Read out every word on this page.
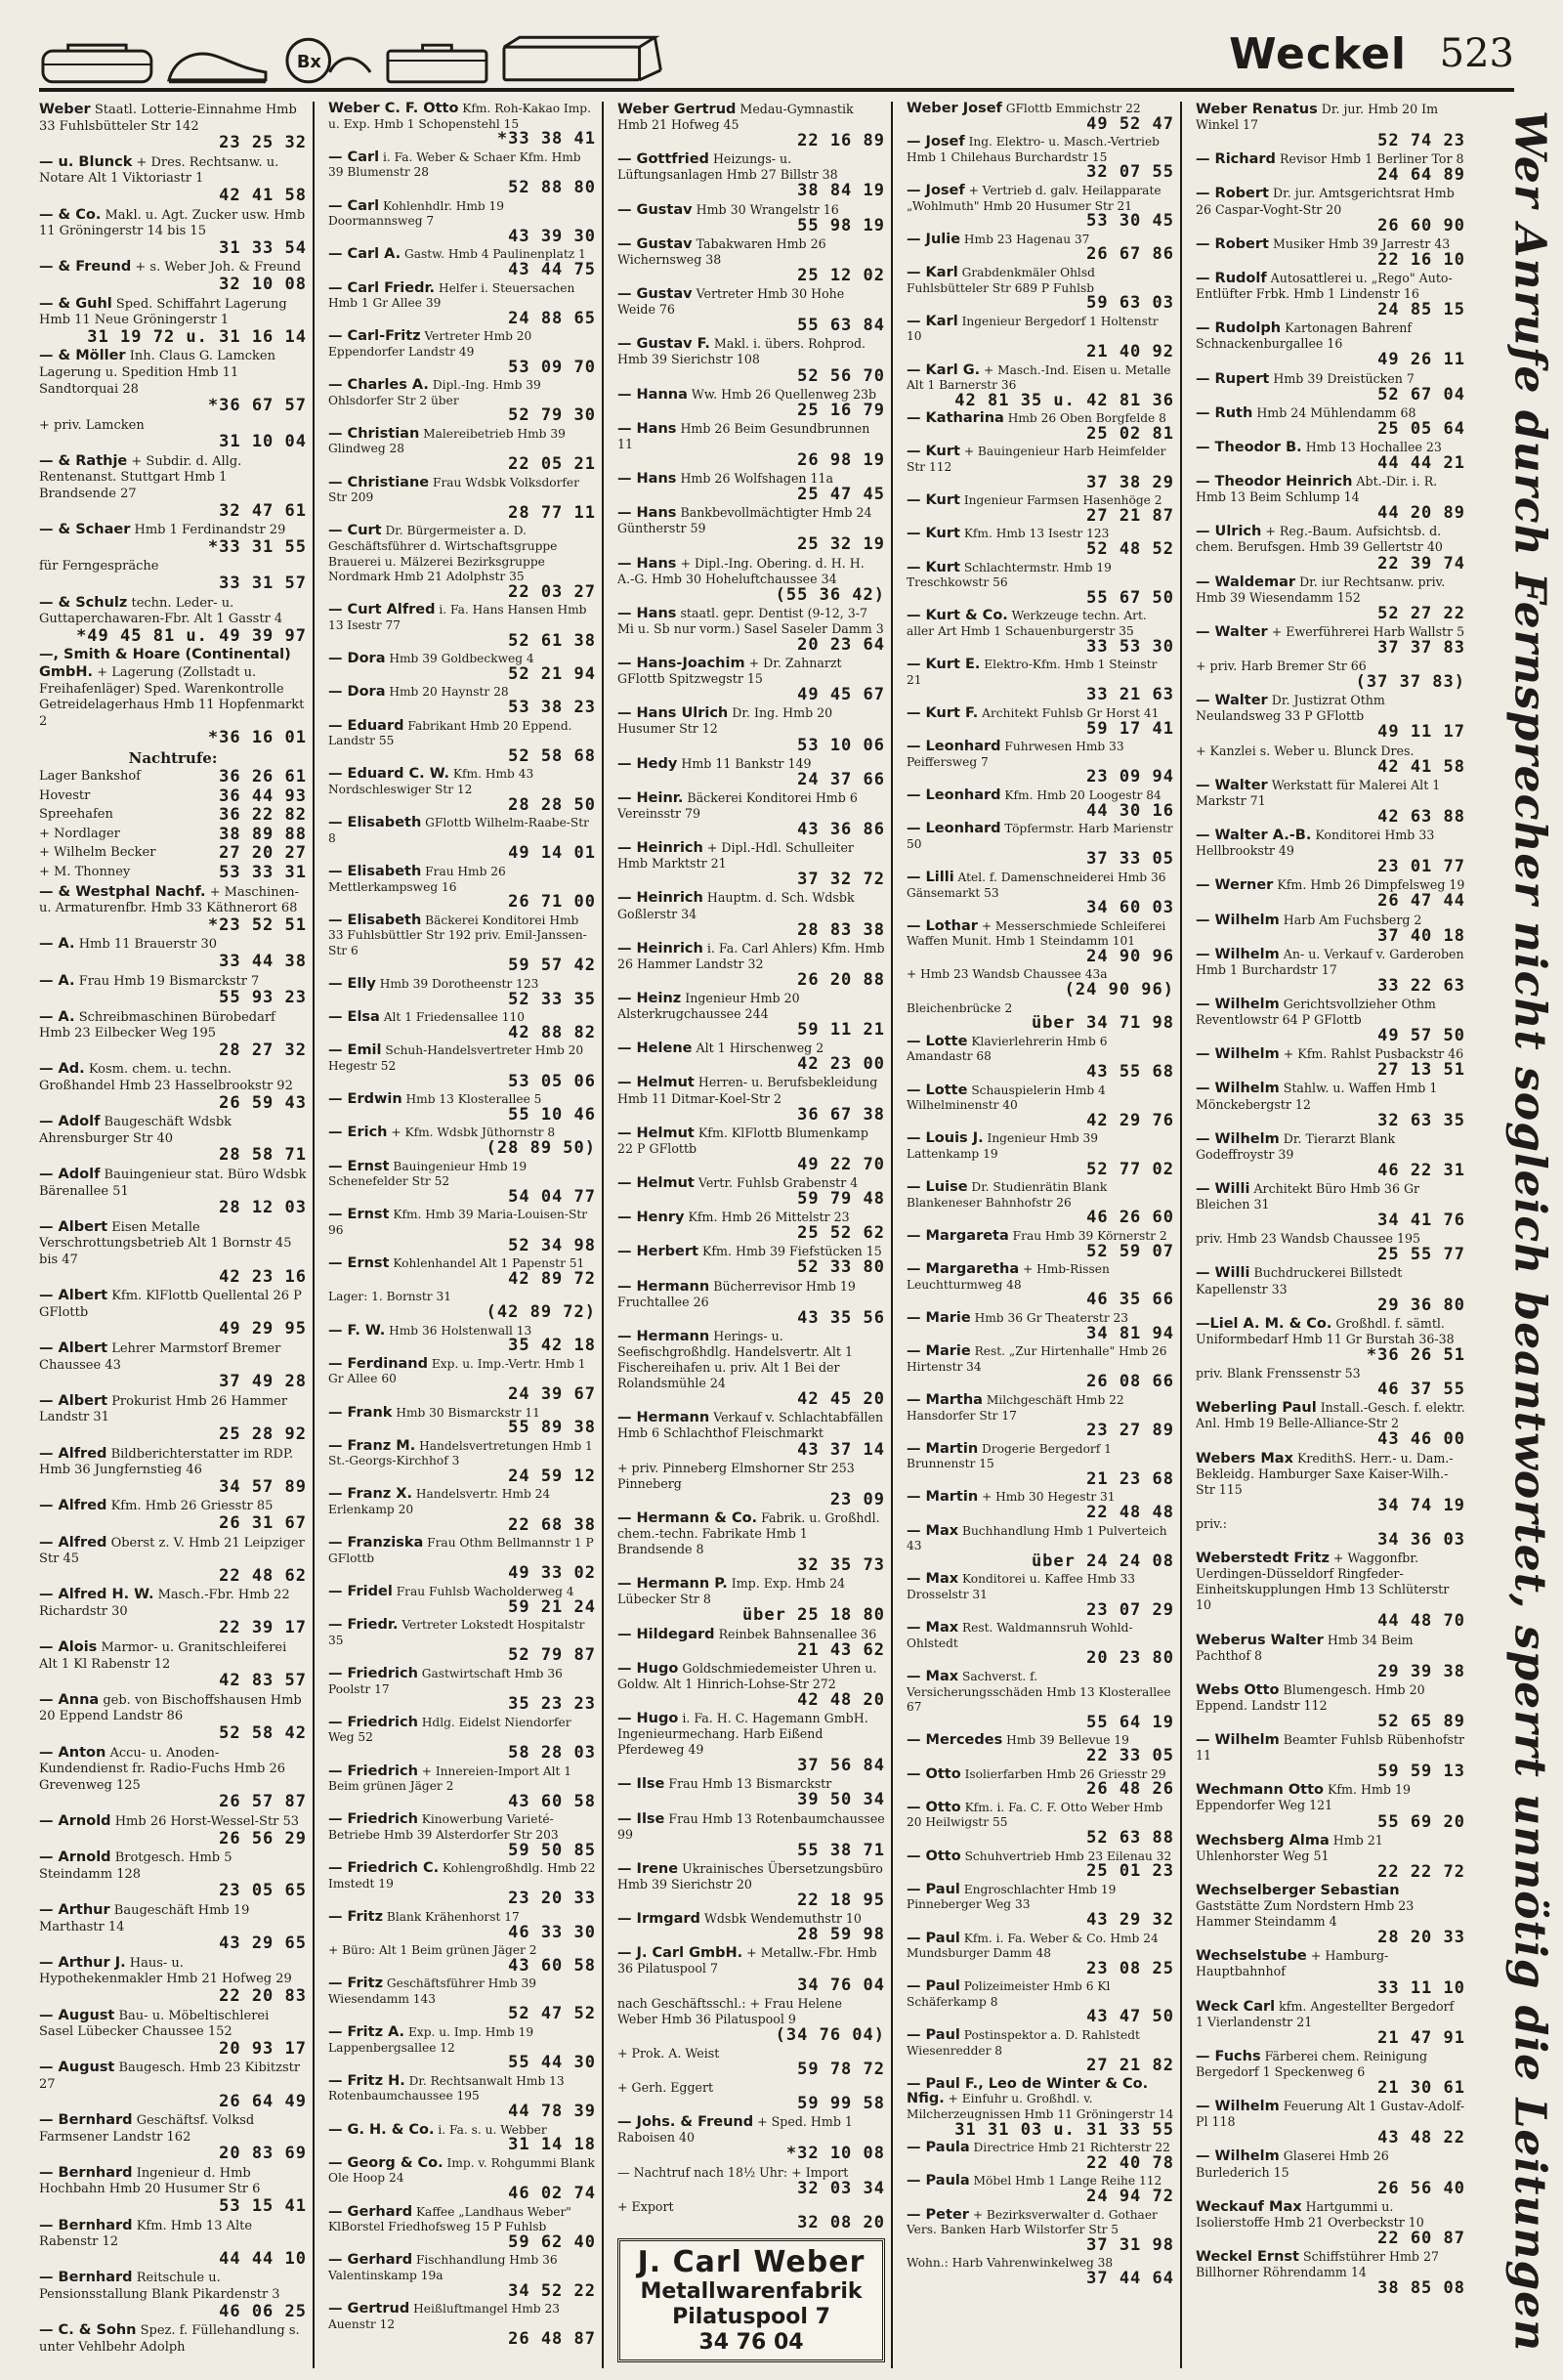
Bx	Weckel 523
Weber Staatl. Lotterie-Einnahme Hmb 33 Fuhlsbütteler Str 142
23 25 32
— u. Blunck + Dres. Rechtsanw. u. Notare Alt 1 Viktoriastr 1
42 41 58
— & Co. Makl. u. Agt. Zucker usw. Hmb 11 Gröningerstr 14 bis 15
31 33 54
— & Freund + s. Weber Joh. & Freund
32 10 08
— & Guhl Sped. Schiffahrt Lagerung Hmb 11 Neue Gröningerstr 1
31 19 72 u. 31 16 14
— & Möller Inh. Claus G. Lamcken Lagerung u. Spedition Hmb 11 Sandtorquai 28
*36 67 57
+ priv. Lamcken
31 10 04
— & Rathje + Subdir. d. Allg. Rentenanst. Stuttgart Hmb 1 Brandsende 27
32 47 61
— & Schaer Hmb 1 Ferdinandstr 29
*33 31 55
für Ferngespräche
33 31 57
— & Schulz techn. Leder- u. Guttaperchawaren-Fbr. Alt 1 Gasstr 4
*49 45 81 u. 49 39 97
—, Smith & Hoare (Continental) GmbH. + Lagerung (Zollstadt u. Freihafenläger) Sped. Warenkontrolle Getreidelagerhaus Hmb 11 Hopfenmarkt 2
*36 16 01
Nachtrufe:
Lager Bankshof	36 26 61
Hovestr	36 44 93
Spreehafen	36 22 82
+ Nordlager	38 89 88
+ Wilhelm Becker	27 20 27
+ M. Thonney	53 33 31
— & Westphal Nachf. + Maschinen- u. Armaturenfbr. Hmb 33 Käthnerort 68
*23 52 51
— A. Hmb 11 Brauerstr 30
33 44 38
— A. Frau Hmb 19 Bismarckstr 7
55 93 23
— A. Schreibmaschinen Bürobedarf Hmb 23 Eilbecker Weg 195
28 27 32
— Ad. Kosm. chem. u. techn. Großhandel Hmb 23 Hasselbrookstr 92
26 59 43
— Adolf Baugeschäft Wdsbk Ahrensburger Str 40
28 58 71
— Adolf Bauingenieur stat. Büro Wdsbk Bärenallee 51
28 12 03
— Albert Eisen Metalle Verschrottungsbetrieb Alt 1 Bornstr 45 bis 47
42 23 16
— Albert Kfm. KlFlottb Quellental 26 P GFlottb
49 29 95
— Albert Lehrer Marmstorf Bremer Chaussee 43
37 49 28
— Albert Prokurist Hmb 26 Hammer Landstr 31
25 28 92
— Alfred Bildberichterstatter im RDP. Hmb 36 Jungfernstieg 46
34 57 89
— Alfred Kfm. Hmb 26 Griesstr 85
26 31 67
— Alfred Oberst z. V. Hmb 21 Leipziger Str 45
22 48 62
— Alfred H. W. Masch.-Fbr. Hmb 22 Richardstr 30
22 39 17
— Alois Marmor- u. Granitschleiferei Alt 1 Kl Rabenstr 12
42 83 57
— Anna geb. von Bischoffshausen Hmb 20 Eppend Landstr 86
52 58 42
— Anton Accu- u. Anoden-Kundendienst fr. Radio-Fuchs Hmb 26 Grevenweg 125
26 57 87
— Arnold Hmb 26 Horst-Wessel-Str 53
26 56 29
— Arnold Brotgesch. Hmb 5 Steindamm 128
23 05 65
— Arthur Baugeschäft Hmb 19 Marthastr 14
43 29 65
— Arthur J. Haus- u. Hypothekenmakler Hmb 21 Hofweg 29
22 20 83
— August Bau- u. Möbeltischlerei Sasel Lübecker Chaussee 152
20 93 17
— August Baugesch. Hmb 23 Kibitzstr 27
26 64 49
— Bernhard Geschäftsf. Volksd Farmsener Landstr 162
20 83 69
— Bernhard Ingenieur d. Hmb Hochbahn Hmb 20 Husumer Str 6
53 15 41
— Bernhard Kfm. Hmb 13 Alte Rabenstr 12
44 44 10
— Bernhard Reitschule u. Pensionsstallung Blank Pikardenstr 3
46 06 25
— C. & Sohn Spez. f. Füllehandlung s. unter Vehlbehr Adolph
Weber C. F. Otto Kfm. Roh-Kakao Imp. u. Exp. Hmb 1 Schopenstehl 15
*33 38 41
— Carl i. Fa. Weber & Schaer Kfm. Hmb 39 Blumenstr 28
52 88 80
— Carl Kohlenhdlr. Hmb 19 Doormannsweg 7
43 39 30
— Carl A. Gastw. Hmb 4 Paulinenplatz 1
43 44 75
— Carl Friedr. Helfer i. Steuersachen Hmb 1 Gr Allee 39
24 88 65
— Carl-Fritz Vertreter Hmb 20 Eppendorfer Landstr 49
53 09 70
— Charles A. Dipl.-Ing. Hmb 39 Ohlsdorfer Str 2 über
52 79 30
— Christian Malereibetrieb Hmb 39 Glindweg 28
22 05 21
— Christiane Frau Wdsbk Volksdorfer Str 209
28 77 11
— Curt Dr. Bürgermeister a. D. Geschäftsführer d. Wirtschaftsgruppe Brauerei u. Mälzerei Bezirksgruppe Nordmark Hmb 21 Adolphstr 35
22 03 27
— Curt Alfred i. Fa. Hans Hansen Hmb 13 Isestr 77
52 61 38
— Dora Hmb 39 Goldbeckweg 4
52 21 94
— Dora Hmb 20 Haynstr 28
53 38 23
— Eduard Fabrikant Hmb 20 Eppend. Landstr 55
52 58 68
— Eduard C. W. Kfm. Hmb 43 Nordschleswiger Str 12
28 28 50
— Elisabeth GFlottb Wilhelm-Raabe-Str 8
49 14 01
— Elisabeth Frau Hmb 26 Mettlerkampsweg 16
26 71 00
— Elisabeth Bäckerei Konditorei Hmb 33 Fuhlsbüttler Str 192 priv. Emil-Janssen-Str 6
59 57 42
— Elly Hmb 39 Dorotheenstr 123
52 33 35
— Elsa Alt 1 Friedensallee 110
42 88 82
— Emil Schuh-Handelsvertreter Hmb 20 Hegestr 52
53 05 06
— Erdwin Hmb 13 Klosterallee 5
55 10 46
— Erich + Kfm. Wdsbk Jüthornstr 8
(28 89 50)
— Ernst Bauingenieur Hmb 19 Schenefelder Str 52
54 04 77
— Ernst Kfm. Hmb 39 Maria-Louisen-Str 96
52 34 98
— Ernst Kohlenhandel Alt 1 Papenstr 51
42 89 72
Lager: 1. Bornstr 31
(42 89 72)
— F. W. Hmb 36 Holstenwall 13
35 42 18
— Ferdinand Exp. u. Imp.-Vertr. Hmb 1 Gr Allee 60
24 39 67
— Frank Hmb 30 Bismarckstr 11
55 89 38
— Franz M. Handelsvertretungen Hmb 1 St.-Georgs-Kirchhof 3
24 59 12
— Franz X. Handelsvertr. Hmb 24 Erlenkamp 20
22 68 38
— Franziska Frau Othm Bellmannstr 1 P GFlottb
49 33 02
— Fridel Frau Fuhlsb Wacholderweg 4
59 21 24
— Friedr. Vertreter Lokstedt Hospitalstr 35
52 79 87
— Friedrich Gastwirtschaft Hmb 36 Poolstr 17
35 23 23
— Friedrich Hdlg. Eidelst Niendorfer Weg 52
58 28 03
— Friedrich + Innereien-Import Alt 1 Beim grünen Jäger 2
43 60 58
— Friedrich Kinowerbung Varieté-Betriebe Hmb 39 Alsterdorfer Str 203
59 50 85
— Friedrich C. Kohlengroßhdlg. Hmb 22 Imstedt 19
23 20 33
— Fritz Blank Krähenhorst 17
46 33 30
+ Büro: Alt 1 Beim grünen Jäger 2
43 60 58
— Fritz Geschäftsführer Hmb 39 Wiesendamm 143
52 47 52
— Fritz A. Exp. u. Imp. Hmb 19 Lappenbergsallee 12
55 44 30
— Fritz H. Dr. Rechtsanwalt Hmb 13 Rotenbaumchaussee 195
44 78 39
— G. H. & Co. i. Fa. s. u. Webber
31 14 18
— Georg & Co. Imp. v. Rohgummi Blank Ole Hoop 24
46 02 74
— Gerhard Kaffee „Landhaus Weber" KlBorstel Friedhofsweg 15 P Fuhlsb
59 62 40
— Gerhard Fischhandlung Hmb 36 Valentinskamp 19a
34 52 22
— Gertrud Heißluftmangel Hmb 23 Auenstr 12
26 48 87
Weber Gertrud Medau-Gymnastik Hmb 21 Hofweg 45
22 16 89
— Gottfried Heizungs- u. Lüftungsanlagen Hmb 27 Billstr 38
38 84 19
— Gustav Hmb 30 Wrangelstr 16
55 98 19
— Gustav Tabakwaren Hmb 26 Wichernsweg 38
25 12 02
— Gustav Vertreter Hmb 30 Hohe Weide 76
55 63 84
— Gustav F. Makl. i. übers. Rohprod. Hmb 39 Sierichstr 108
52 56 70
— Hanna Ww. Hmb 26 Quellenweg 23b
25 16 79
— Hans Hmb 26 Beim Gesundbrunnen 11
26 98 19
— Hans Hmb 26 Wolfshagen 11a
25 47 45
— Hans Bankbevollmächtigter Hmb 24 Güntherstr 59
25 32 19
— Hans + Dipl.-Ing. Obering. d. H. H. A.-G. Hmb 30 Hoheluftchaussee 34
(55 36 42)
— Hans staatl. gepr. Dentist (9-12, 3-7 Mi u. Sb nur vorm.) Sasel Saseler Damm 3
20 23 64
— Hans-Joachim + Dr. Zahnarzt GFlottb Spitzwegstr 15
49 45 67
— Hans Ulrich Dr. Ing. Hmb 20 Husumer Str 12
53 10 06
— Hedy Hmb 11 Bankstr 149
24 37 66
— Heinr. Bäckerei Konditorei Hmb 6 Vereinsstr 79
43 36 86
— Heinrich + Dipl.-Hdl. Schulleiter Hmb Marktstr 21
37 32 72
— Heinrich Hauptm. d. Sch. Wdsbk Goßlerstr 34
28 83 38
— Heinrich i. Fa. Carl Ahlers) Kfm. Hmb 26 Hammer Landstr 32
26 20 88
— Heinz Ingenieur Hmb 20 Alsterkrugchaussee 244
59 11 21
— Helene Alt 1 Hirschenweg 2
42 23 00
— Helmut Herren- u. Berufsbekleidung Hmb 11 Ditmar-Koel-Str 2
36 67 38
— Helmut Kfm. KlFlottb Blumenkamp 22 P GFlottb
49 22 70
— Helmut Vertr. Fuhlsb Grabenstr 4
59 79 48
— Henry Kfm. Hmb 26 Mittelstr 23
25 52 62
— Herbert Kfm. Hmb 39 Fiefstücken 15
52 33 80
— Hermann Bücherrevisor Hmb 19 Fruchtallee 26
43 35 56
— Hermann Herings- u. Seefischgroßhdlg. Handelsvertr. Alt 1 Fischereihafen u. priv. Alt 1 Bei der Rolandsmühle 24
42 45 20
— Hermann Verkauf v. Schlachtabfällen Hmb 6 Schlachthof Fleischmarkt
43 37 14
+ priv. Pinneberg Elmshorner Str 253 Pinneberg
23 09
— Hermann & Co. Fabrik. u. Großhdl. chem.-techn. Fabrikate Hmb 1 Brandsende 8
32 35 73
— Hermann P. Imp. Exp. Hmb 24 Lübecker Str 8
über 25 18 80
— Hildegard Reinbek Bahnsenallee 36
21 43 62
— Hugo Goldschmiedemeister Uhren u. Goldw. Alt 1 Hinrich-Lohse-Str 272
42 48 20
— Hugo i. Fa. H. C. Hagemann GmbH. Ingenieurmechang. Harb Eißend Pferdeweg 49
37 56 84
— Ilse Frau Hmb 13 Bismarckstr
39 50 34
— Ilse Frau Hmb 13 Rotenbaumchaussee 99
55 38 71
— Irene Ukrainisches Übersetzungsbüro Hmb 39 Sierichstr 20
22 18 95
— Irmgard Wdsbk Wendemuthstr 10
28 59 98
— J. Carl GmbH. + Metallw.-Fbr. Hmb 36 Pilatuspool 7
34 76 04
nach Geschäftsschl.: + Frau Helene Weber Hmb 36 Pilatuspool 9
(34 76 04)
+ Prok. A. Weist
59 78 72
+ Gerh. Eggert
59 99 58
— Johs. & Freund + Sped. Hmb 1 Raboisen 40
*32 10 08
— Nachtruf nach 18½ Uhr: + Import
32 03 34
+ Export
32 08 20
J. Carl Weber
Metallwarenfabrik
Pilatuspool 7
34 76 04
Weber Josef GFlottb Emmichstr 22
49 52 47
— Josef Ing. Elektro- u. Masch.-Vertrieb Hmb 1 Chilehaus Burchardstr 15
32 07 55
— Josef + Vertrieb d. galv. Heilapparate „Wohlmuth" Hmb 20 Husumer Str 21
53 30 45
— Julie Hmb 23 Hagenau 37
26 67 86
— Karl Grabdenkmäler Ohlsd Fuhlsbütteler Str 689 P Fuhlsb
59 63 03
— Karl Ingenieur Bergedorf 1 Holtenstr 10
21 40 92
— Karl G. + Masch.-Ind. Eisen u. Metalle Alt 1 Barnerstr 36
42 81 35 u. 42 81 36
— Katharina Hmb 26 Oben Borgfelde 8
25 02 81
— Kurt + Bauingenieur Harb Heimfelder Str 112
37 38 29
— Kurt Ingenieur Farmsen Hasenhöge 2
27 21 87
— Kurt Kfm. Hmb 13 Isestr 123
52 48 52
— Kurt Schlachtermstr. Hmb 19 Treschkowstr 56
55 67 50
— Kurt & Co. Werkzeuge techn. Art. aller Art Hmb 1 Schauenburgerstr 35
33 53 30
— Kurt E. Elektro-Kfm. Hmb 1 Steinstr 21
33 21 63
— Kurt F. Architekt Fuhlsb Gr Horst 41
59 17 41
— Leonhard Fuhrwesen Hmb 33 Peiffersweg 7
23 09 94
— Leonhard Kfm. Hmb 20 Loogestr 84
44 30 16
— Leonhard Töpfermstr. Harb Marienstr 50
37 33 05
— Lilli Atel. f. Damenschneiderei Hmb 36 Gänsemarkt 53
34 60 03
— Lothar + Messerschmiede Schleiferei Waffen Munit. Hmb 1 Steindamm 101
24 90 96
+ Hmb 23 Wandsb Chaussee 43a
(24 90 96)
Bleichenbrücke 2
über 34 71 98
— Lotte Klavierlehrerin Hmb 6 Amandastr 68
43 55 68
— Lotte Schauspielerin Hmb 4 Wilhelminenstr 40
42 29 76
— Louis J. Ingenieur Hmb 39 Lattenkamp 19
52 77 02
— Luise Dr. Studienrätin Blank Blankeneser Bahnhofstr 26
46 26 60
— Margareta Frau Hmb 39 Körnerstr 2
52 59 07
— Margaretha + Hmb-Rissen Leuchtturmweg 48
46 35 66
— Marie Hmb 36 Gr Theaterstr 23
34 81 94
— Marie Rest. „Zur Hirtenhalle" Hmb 26 Hirtenstr 34
26 08 66
— Martha Milchgeschäft Hmb 22 Hansdorfer Str 17
23 27 89
— Martin Drogerie Bergedorf 1 Brunnenstr 15
21 23 68
— Martin + Hmb 30 Hegestr 31
22 48 48
— Max Buchhandlung Hmb 1 Pulverteich 43
über 24 24 08
— Max Konditorei u. Kaffee Hmb 33 Drosselstr 31
23 07 29
— Max Rest. Waldmannsruh Wohld-Ohlstedt
20 23 80
— Max Sachverst. f. Versicherungsschäden Hmb 13 Klosterallee 67
55 64 19
— Mercedes Hmb 39 Bellevue 19
22 33 05
— Otto Isolierfarben Hmb 26 Griesstr 29
26 48 26
— Otto Kfm. i. Fa. C. F. Otto Weber Hmb 20 Heilwigstr 55
52 63 88
— Otto Schuhvertrieb Hmb 23 Eilenau 32
25 01 23
— Paul Engroschlachter Hmb 19 Pinneberger Weg 33
43 29 32
— Paul Kfm. i. Fa. Weber & Co. Hmb 24 Mundsburger Damm 48
23 08 25
— Paul Polizeimeister Hmb 6 Kl Schäferkamp 8
43 47 50
— Paul Postinspektor a. D. Rahlstedt Wiesenredder 8
27 21 82
— Paul F., Leo de Winter & Co. Nfig. + Einfuhr u. Großhdl. v. Milcherzeugnissen Hmb 11 Gröningerstr 14
31 31 03 u. 31 33 55
— Paula Directrice Hmb 21 Richterstr 22
22 40 78
— Paula Möbel Hmb 1 Lange Reihe 112
24 94 72
— Peter + Bezirksverwalter d. Gothaer Vers. Banken Harb Wilstorfer Str 5
37 31 98
Wohn.: Harb Vahrenwinkelweg 38
37 44 64
Weber Renatus Dr. jur. Hmb 20 Im Winkel 17
52 74 23
— Richard Revisor Hmb 1 Berliner Tor 8
24 64 89
— Robert Dr. jur. Amtsgerichtsrat Hmb 26 Caspar-Voght-Str 20
26 60 90
— Robert Musiker Hmb 39 Jarrestr 43
22 16 10
— Rudolf Autosattlerei u. „Rego" Auto-Entlüfter Frbk. Hmb 1 Lindenstr 16
24 85 15
— Rudolph Kartonagen Bahrenf Schnackenburgallee 16
49 26 11
— Rupert Hmb 39 Dreistücken 7
52 67 04
— Ruth Hmb 24 Mühlendamm 68
25 05 64
— Theodor B. Hmb 13 Hochallee 23
44 44 21
— Theodor Heinrich Abt.-Dir. i. R. Hmb 13 Beim Schlump 14
44 20 89
— Ulrich + Reg.-Baum. Aufsichtsb. d. chem. Berufsgen. Hmb 39 Gellertstr 40
22 39 74
— Waldemar Dr. iur Rechtsanw. priv. Hmb 39 Wiesendamm 152
52 27 22
— Walter + Ewerführerei Harb Wallstr 5
37 37 83
+ priv. Harb Bremer Str 66
(37 37 83)
— Walter Dr. Justizrat Othm Neulandsweg 33 P GFlottb
49 11 17
+ Kanzlei s. Weber u. Blunck Dres.
42 41 58
— Walter Werkstatt für Malerei Alt 1 Markstr 71
42 63 88
— Walter A.-B. Konditorei Hmb 33 Hellbrookstr 49
23 01 77
— Werner Kfm. Hmb 26 Dimpfelsweg 19
26 47 44
— Wilhelm Harb Am Fuchsberg 2
37 40 18
— Wilhelm An- u. Verkauf v. Garderoben Hmb 1 Burchardstr 17
33 22 63
— Wilhelm Gerichtsvollzieher Othm Reventlowstr 64 P GFlottb
49 57 50
— Wilhelm + Kfm. Rahlst Pusbackstr 46
27 13 51
— Wilhelm Stahlw. u. Waffen Hmb 1 Mönckebergstr 12
32 63 35
— Wilhelm Dr. Tierarzt Blank Godeffroystr 39
46 22 31
— Willi Architekt Büro Hmb 36 Gr Bleichen 31
34 41 76
priv. Hmb 23 Wandsb Chaussee 195
25 55 77
— Willi Buchdruckerei Billstedt Kapellenstr 33
29 36 80
—Liel A. M. & Co. Großhdl. f. sämtl. Uniformbedarf Hmb 11 Gr Burstah 36-38
*36 26 51
priv. Blank Frenssenstr 53
46 37 55
Weberling Paul Install.-Gesch. f. elektr. Anl. Hmb 19 Belle-Alliance-Str 2
43 46 00
Webers Max KredithS. Herr.- u. Dam.- Bekleidg. Hamburger Saxe Kaiser-Wilh.-Str 115
34 74 19
priv.:
34 36 03
Weberstedt Fritz + Waggonfbr. Uerdingen-Düsseldorf Ringfeder-Einheitskupplungen Hmb 13 Schlüterstr 10
44 48 70
Weberus Walter Hmb 34 Beim Pachthof 8
29 39 38
Webs Otto Blumengesch. Hmb 20 Eppend. Landstr 112
52 65 89
— Wilhelm Beamter Fuhlsb Rübenhofstr 11
59 59 13
Wechmann Otto Kfm. Hmb 19 Eppendorfer Weg 121
55 69 20
Wechsberg Alma Hmb 21 Uhlenhorster Weg 51
22 22 72
Wechselberger Sebastian Gaststätte Zum Nordstern Hmb 23 Hammer Steindamm 4
28 20 33
Wechselstube + Hamburg-Hauptbahnhof
33 11 10
Weck Carl kfm. Angestellter Bergedorf 1 Vierlandenstr 21
21 47 91
— Fuchs Färberei chem. Reinigung Bergedorf 1 Speckenweg 6
21 30 61
— Wilhelm Feuerung Alt 1 Gustav-Adolf-Pl 118
43 48 22
— Wilhelm Glaserei Hmb 26 Burlederich 15
26 56 40
Weckauf Max Hartgummi u. Isolierstoffe Hmb 21 Overbeckstr 10
22 60 87
Weckel Ernst Schiffstührer Hmb 27 Billhorner Röhrendamm 14
38 85 08 Wer Anrufe durch Fernsprecher nicht sogleich beantwortet, sperrt unnötig die Leitungen
